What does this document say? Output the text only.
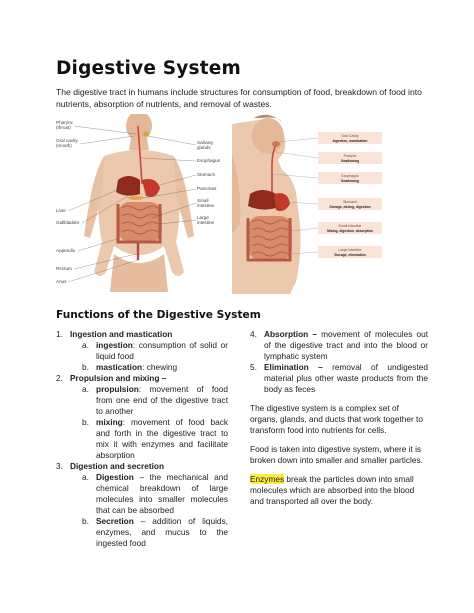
Digestive System
The digestive tract in humans include structures for consumption of food, breakdown of food into nutrients, absorption of nutrients, and removal of wastes.
Pharynx
(throat)
Oral cavity
(mouth)
Liver
Gallbladder
Appendix
Rectum
Anus
Salivary
glands
Esophagus
Stomach
Pancreas
Small
intestine
Large
intestine
Oral Cavity
Ingestion, mastication
Pharynx
Swallowing
Esophagus
Swallowing
Stomach
Storage, mixing, digestion
Small Intestine
Mixing, digestion, absorption
Large Intestine
Storage, elimination
Functions of the Digestive System
1. Ingestion and mastication
a. ingestion: consumption of solid or liquid food
b. mastication: chewing
2. Propulsion and mixing –
a. propulsion: movement of food from one end of the digestive tract to another
b. mixing: movement of food back and forth in the digestive tract to mix it with enzymes and facilitate absorption
3. Digestion and secretion
a. Digestion – the mechanical and chemical breakdown of large molecules into smaller molecules that can be absorbed
b. Secretion – addition of liquids, enzymes, and mucus to the ingested food
4. Absorption – movement of molecules out of the digestive tract and into the blood or lymphatic system
5. Elimination – removal of undigested material plus other waste products from the body as feces
The digestive system is a complex set of organs, glands, and ducts that work together to transform food into nutrients for cells.
Food is taken into digestive system, where it is broken down into smaller and smaller particles.
Enzymes break the particles down into small molecules which are absorbed into the blood and transported all over the body.
